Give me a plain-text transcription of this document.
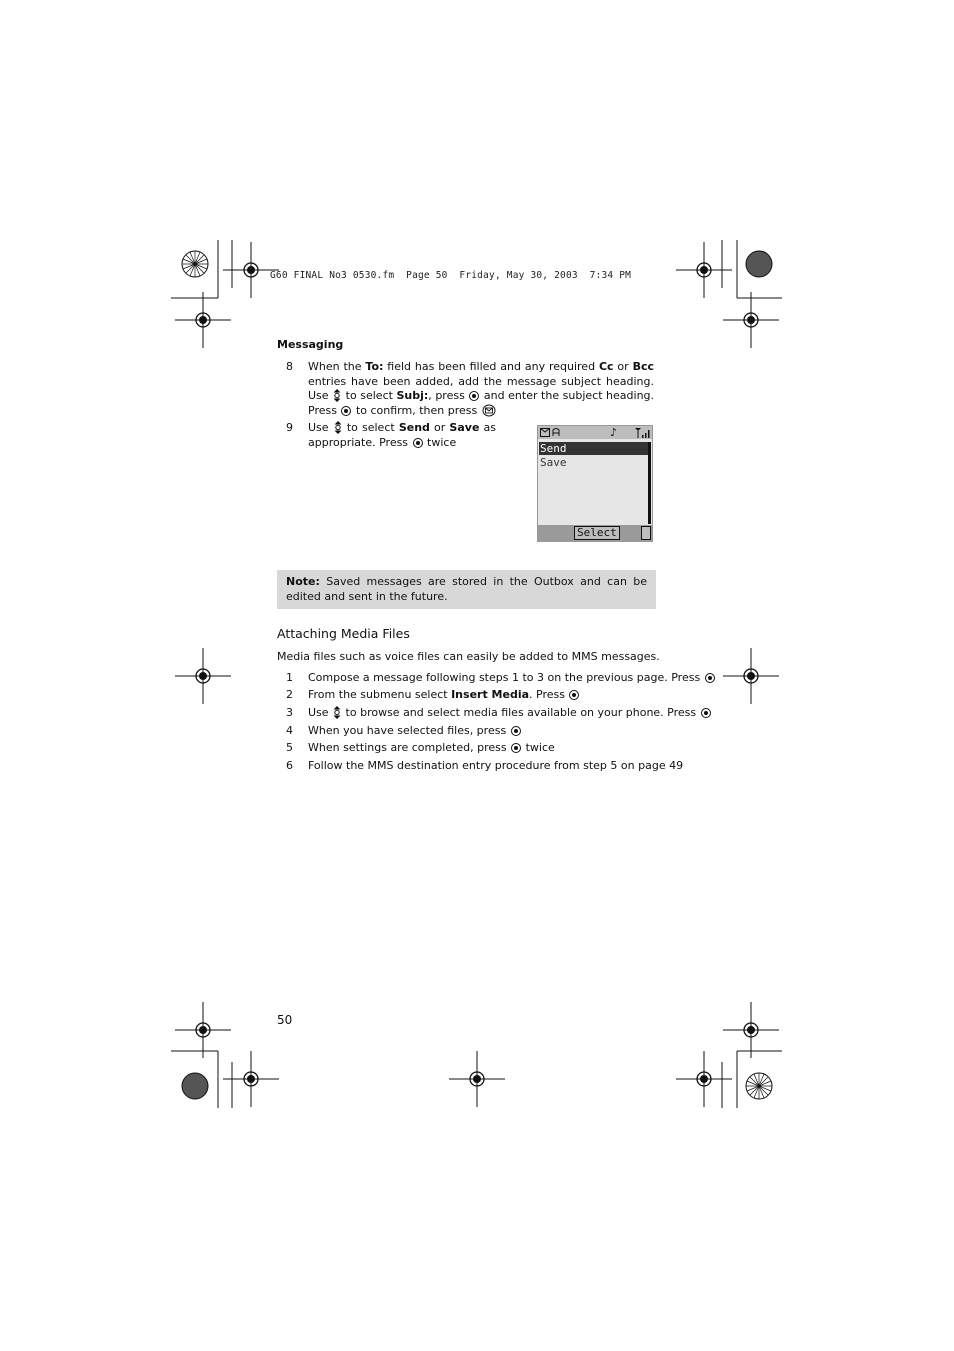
G60 FINAL No3 0530.fm  Page 50  Friday, May 30, 2003  7:34 PM
Messaging
8 When the To: field has been filled and any required Cc or Bcc entries have been added, add the message subject heading. Use  to select Subj:, press  and enter the subject heading. Press  to confirm, then press
9 Use  to select Send or Save as appropriate. Press  twice
♪
Send
Save
Select
Note: Saved messages are stored in the Outbox and can be edited and sent in the future.
Attaching Media Files
Media files such as voice files can easily be added to MMS messages.
1 Compose a message following steps 1 to 3 on the previous page. Press
2 From the submenu select Insert Media. Press
3 Use  to browse and select media files available on your phone. Press
4 When you have selected files, press
5 When settings are completed, press  twice
6 Follow the MMS destination entry procedure from step 5 on page 49
50
